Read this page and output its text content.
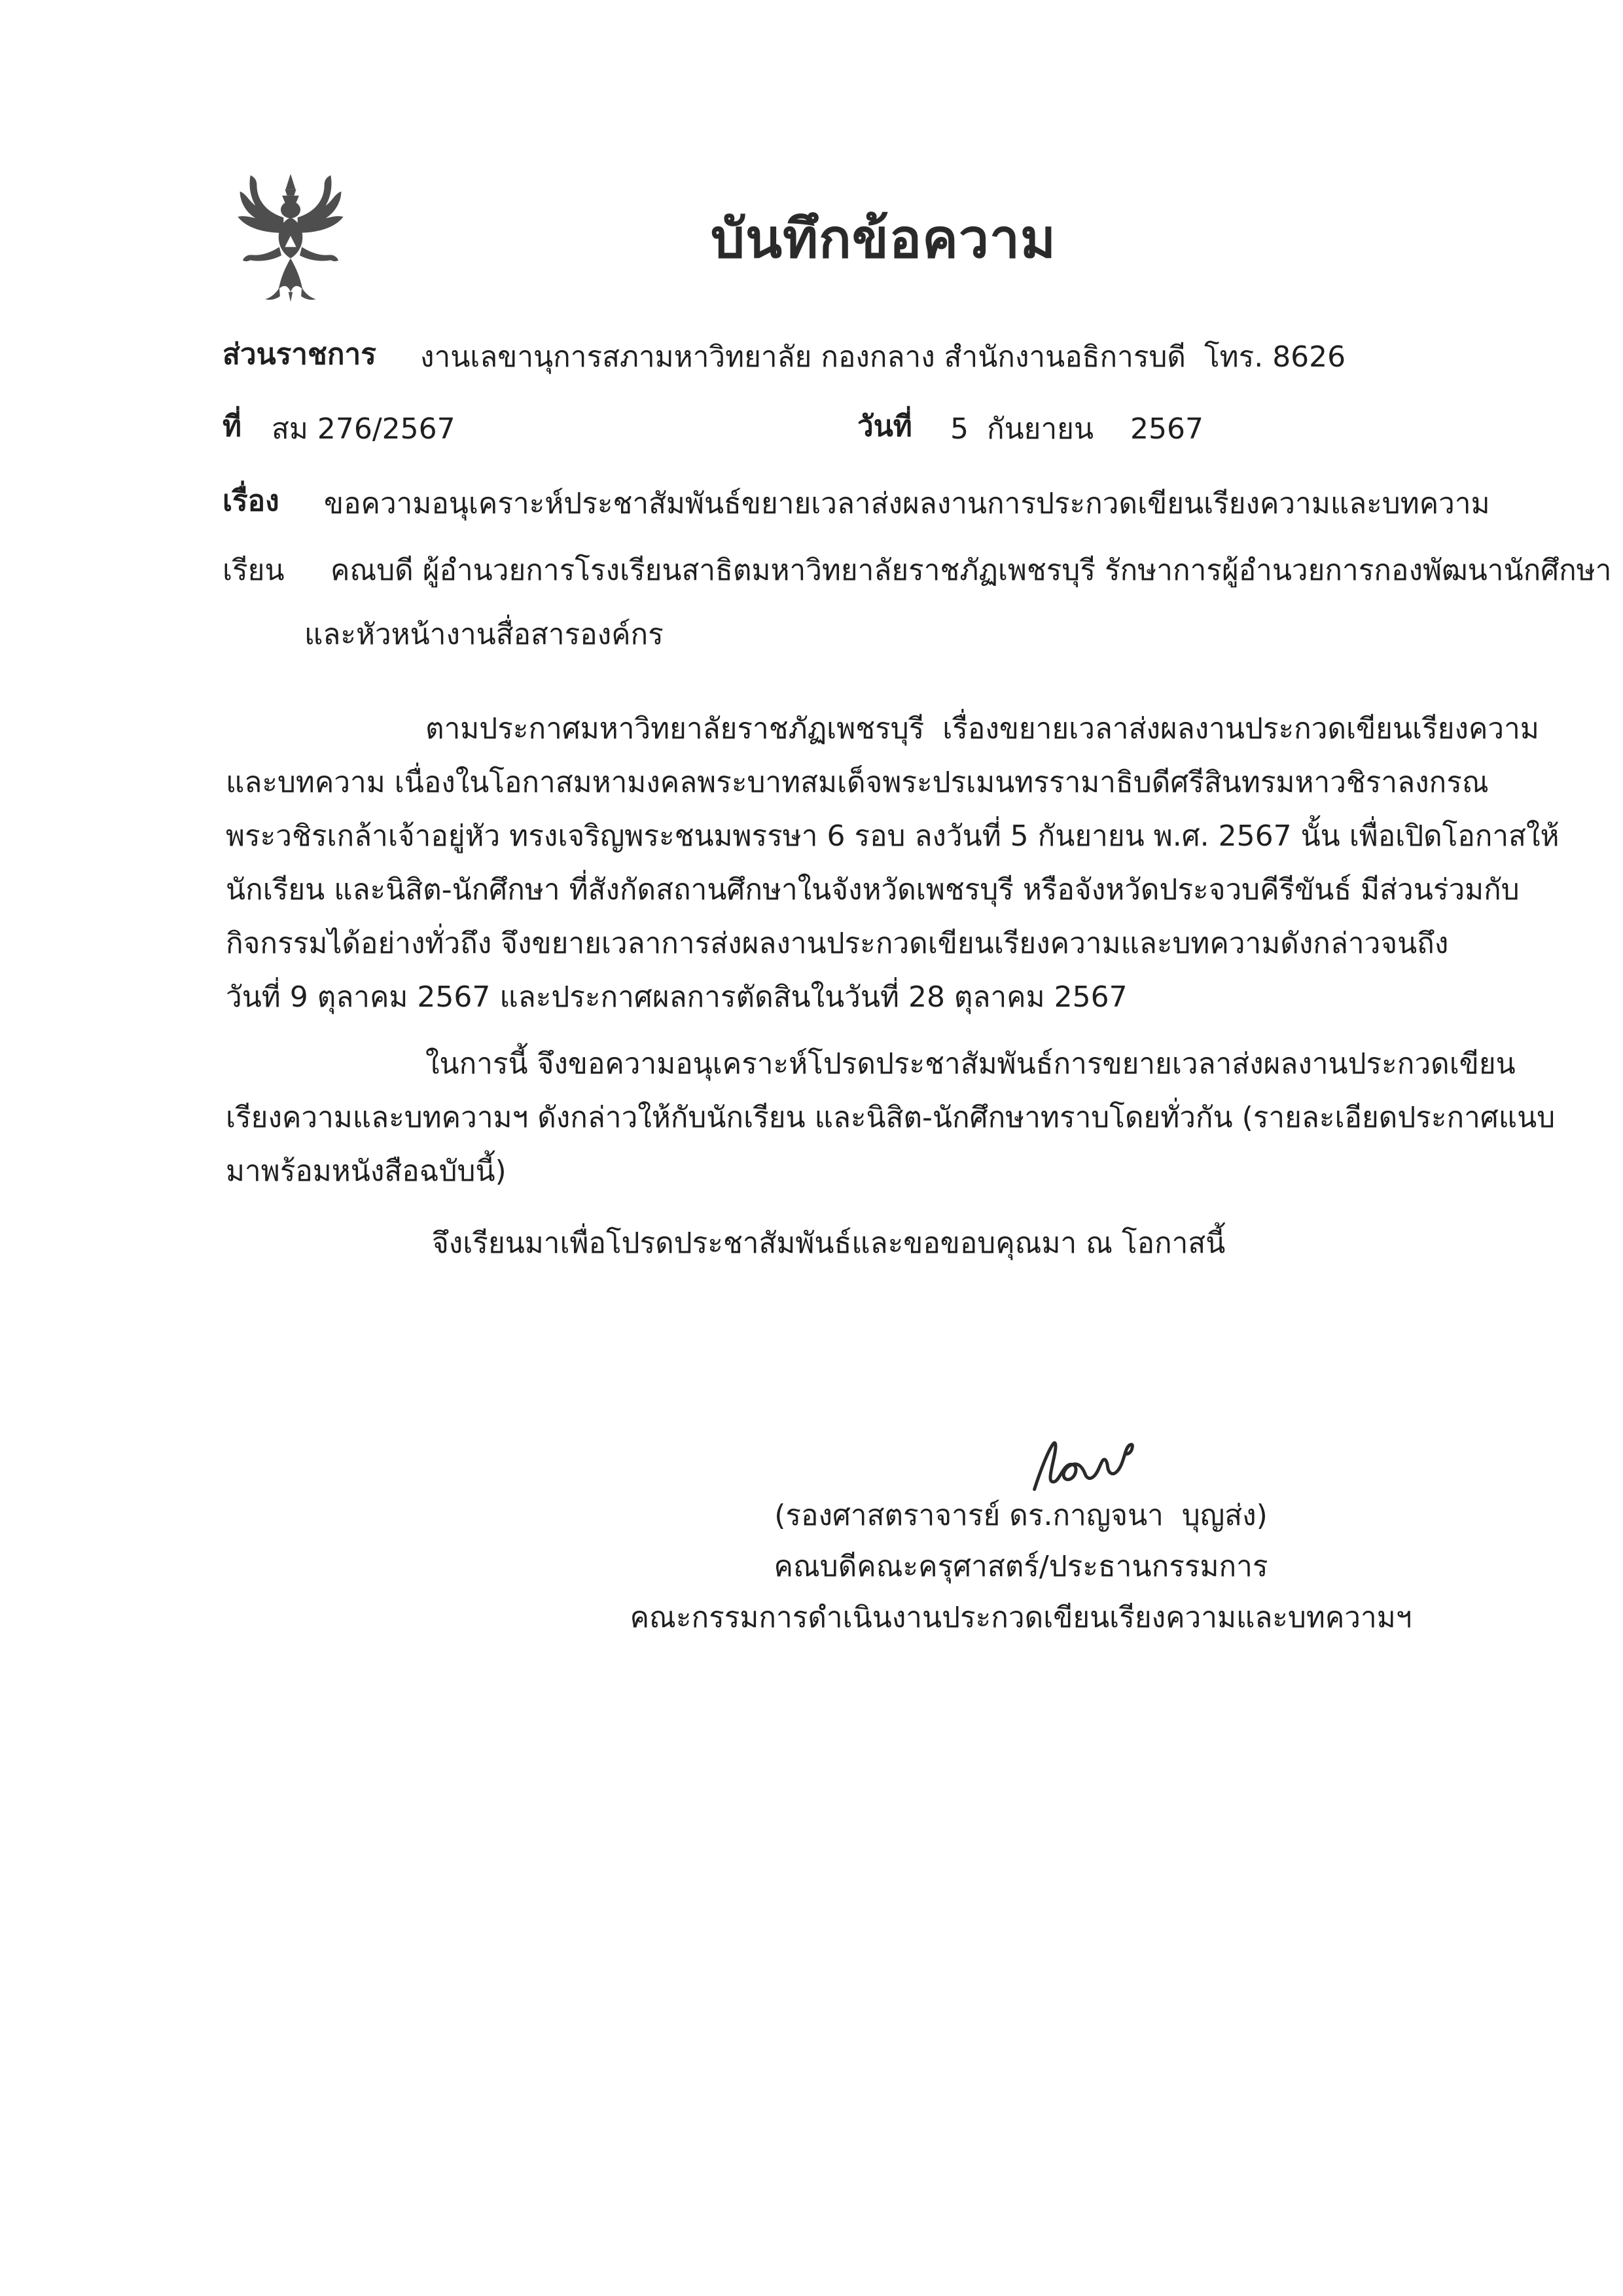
บันทึกข้อความ
ส่วนราชการ งานเลขานุการสภามหาวิทยาลัย กองกลาง สำนักงานอธิการบดี  โทร. 8626
ที่ สม 276/2567	วันที่ 5  กันยายน    2567
เรื่อง ขอความอนุเคราะห์ประชาสัมพันธ์ขยายเวลาส่งผลงานการประกวดเขียนเรียงความและบทความ
เรียน คณบดี ผู้อำนวยการโรงเรียนสาธิตมหาวิทยาลัยราชภัฏเพชรบุรี รักษาการผู้อำนวยการกองพัฒนานักศึกษา
และหัวหน้างานสื่อสารองค์กร
ตามประกาศมหาวิทยาลัยราชภัฏเพชรบุรี  เรื่องขยายเวลาส่งผลงานประกวดเขียนเรียงความ
และบทความ เนื่องในโอกาสมหามงคลพระบาทสมเด็จพระปรเมนทรรามาธิบดีศรีสินทรมหาวชิราลงกรณ
พระวชิรเกล้าเจ้าอยู่หัว ทรงเจริญพระชนมพรรษา 6 รอบ ลงวันที่ 5 กันยายน พ.ศ. 2567 นั้น เพื่อเปิดโอกาสให้
นักเรียน และนิสิต-นักศึกษา ที่สังกัดสถานศึกษาในจังหวัดเพชรบุรี หรือจังหวัดประจวบคีรีขันธ์ มีส่วนร่วมกับ
กิจกรรมได้อย่างทั่วถึง จึงขยายเวลาการส่งผลงานประกวดเขียนเรียงความและบทความดังกล่าวจนถึง
วันที่ 9 ตุลาคม 2567 และประกาศผลการตัดสินในวันที่ 28 ตุลาคม 2567
ในการนี้ จึงขอความอนุเคราะห์โปรดประชาสัมพันธ์การขยายเวลาส่งผลงานประกวดเขียน
เรียงความและบทความฯ ดังกล่าวให้กับนักเรียน และนิสิต-นักศึกษาทราบโดยทั่วกัน (รายละเอียดประกาศแนบ
มาพร้อมหนังสือฉบับนี้)
จึงเรียนมาเพื่อโปรดประชาสัมพันธ์และขอขอบคุณมา ณ โอกาสนี้

(รองศาสตราจารย์ ดร.กาญจนา  บุญส่ง)
คณบดีคณะครุศาสตร์/ประธานกรรมการ
คณะกรรมการดำเนินงานประกวดเขียนเรียงความและบทความฯ
